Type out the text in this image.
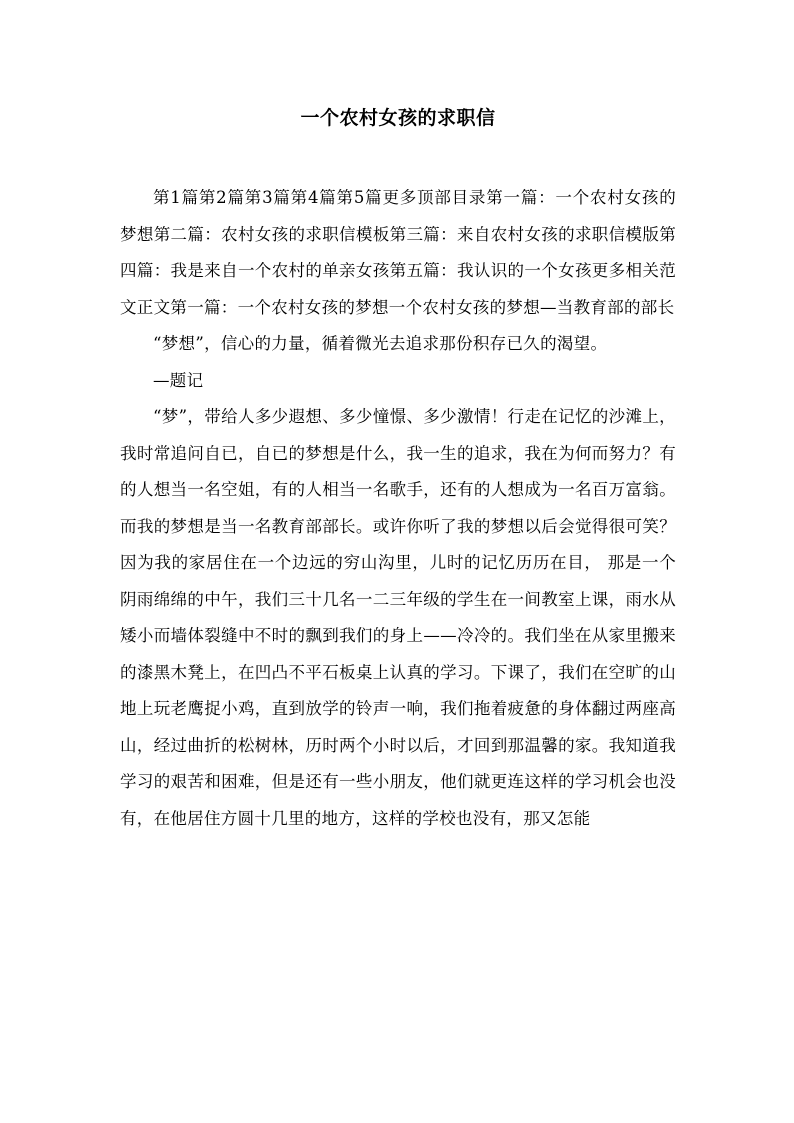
一个农村女孩的求职信

第1篇第2篇第3篇第4篇第5篇更多顶部目录第一篇：一个农村女孩的梦想第二篇：农村女孩的求职信模板第三篇：来自农村女孩的求职信模版第四篇：我是来自一个农村的单亲女孩第五篇：我认识的一个女孩更多相关范文正文第一篇：一个农村女孩的梦想一个农村女孩的梦想—当教育部的部长

“梦想”，信心的力量，循着微光去追求那份积存已久的渴望。

—题记

“梦”，带给人多少遐想、多少憧憬、多少激情！行走在记忆的沙滩上，我时常追问自已，自已的梦想是什么，我一生的追求，我在为何而努力？有的人想当一名空姐，有的人相当一名歌手，还有的人想成为一名百万富翁。而我的梦想是当一名教育部部长。或许你听了我的梦想以后会觉得很可笑？因为我的家居住在一个边远的穷山沟里，儿时的记忆历历在目， 那是一个阴雨绵绵的中午，我们三十几名一二三年级的学生在一间教室上课，雨水从矮小而墙体裂缝中不时的飘到我们的身上——冷冷的。我们坐在从家里搬来的漆黑木凳上，在凹凸不平石板桌上认真的学习。下课了，我们在空旷的山地上玩老鹰捉小鸡，直到放学的铃声一响，我们拖着疲惫的身体翻过两座高山，经过曲折的松树林，历时两个小时以后，才回到那温馨的家。我知道我学习的艰苦和困难，但是还有一些小朋友，他们就更连这样的学习机会也没有，在他居住方圆十几里的地方，这样的学校也没有，那又怎能
